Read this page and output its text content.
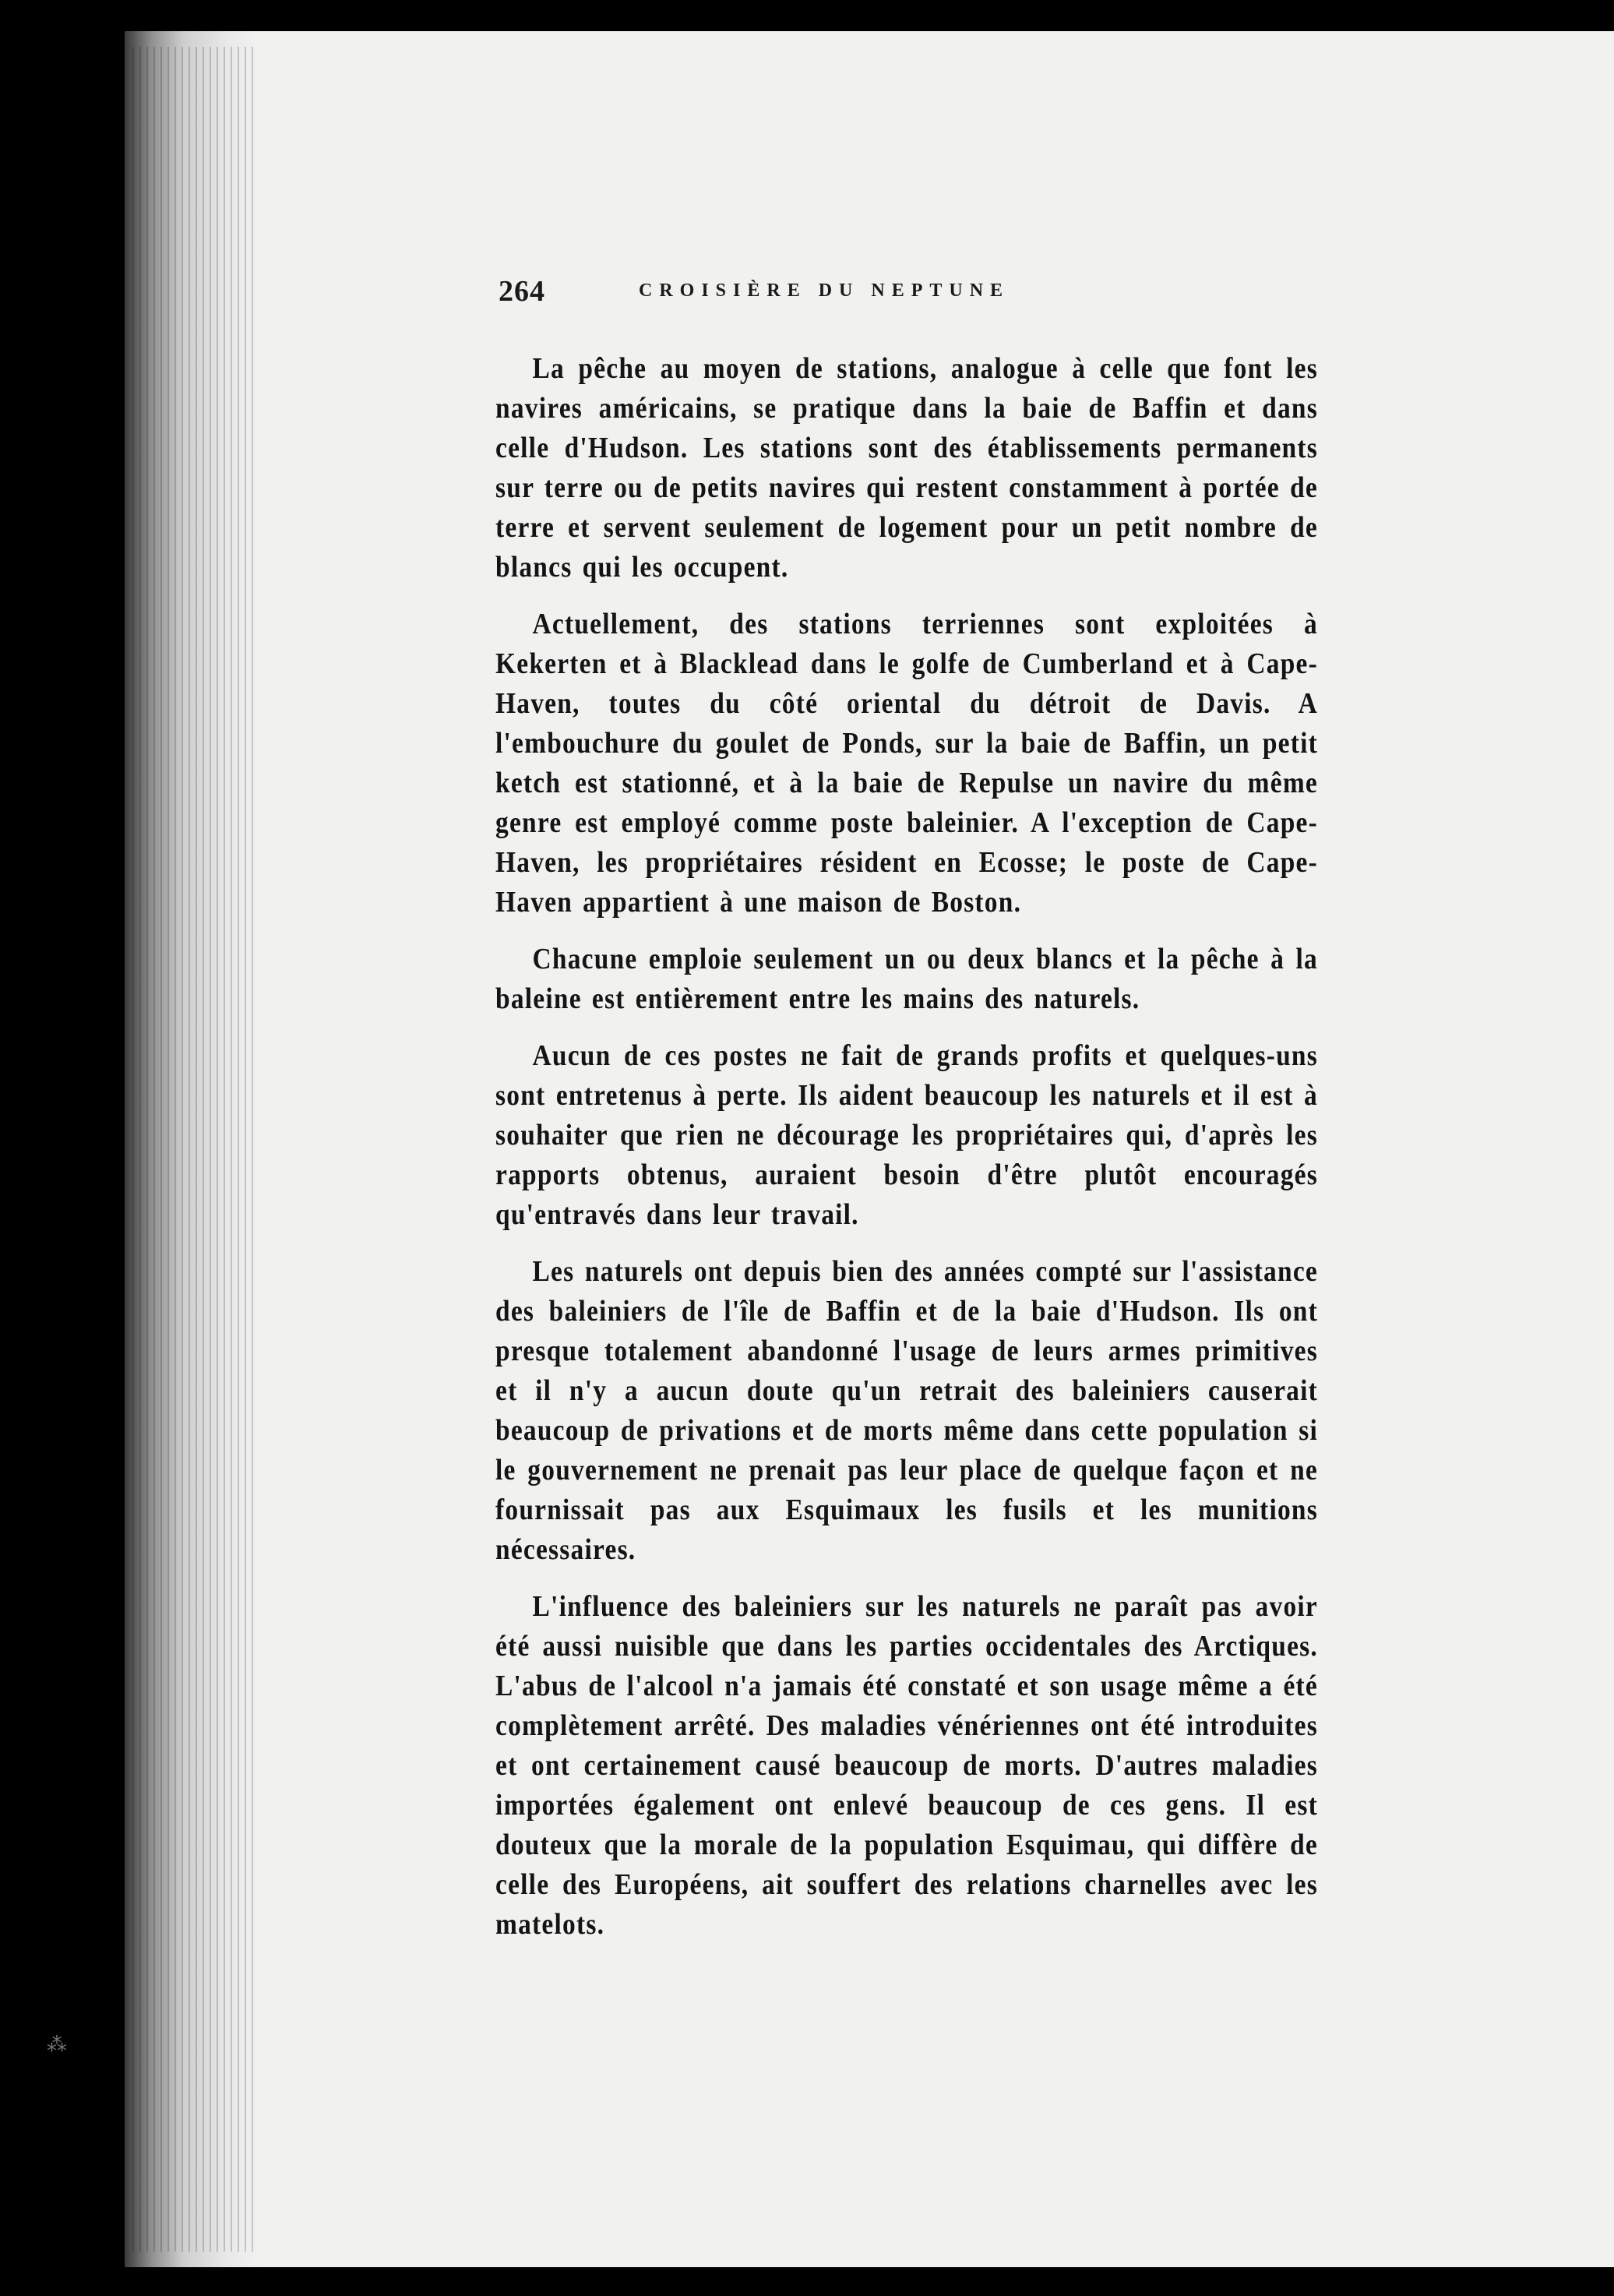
264	CROISIÈRE DU NEPTUNE

La pêche au moyen de stations, analogue à celle que font les navires américains, se pratique dans la baie de Baffin et dans celle d'Hudson. Les stations sont des établissements permanents sur terre ou de petits navires qui restent constamment à portée de terre et servent seulement de logement pour un petit nombre de blancs qui les occupent.

Actuellement, des stations terriennes sont exploitées à Kekerten et à Blacklead dans le golfe de Cumberland et à Cape-Haven, toutes du côté oriental du détroit de Davis. A l'embouchure du goulet de Ponds, sur la baie de Baffin, un petit ketch est stationné, et à la baie de Repulse un navire du même genre est employé comme poste baleinier. A l'exception de Cape-Haven, les propriétaires résident en Ecosse; le poste de Cape-Haven appartient à une maison de Boston.

Chacune emploie seulement un ou deux blancs et la pêche à la baleine est entièrement entre les mains des naturels.

Aucun de ces postes ne fait de grands profits et quelques-uns sont entretenus à perte. Ils aident beaucoup les naturels et il est à souhaiter que rien ne décourage les propriétaires qui, d'après les rapports obtenus, auraient besoin d'être plutôt encouragés qu'entravés dans leur travail.

Les naturels ont depuis bien des années compté sur l'assistance des baleiniers de l'île de Baffin et de la baie d'Hudson. Ils ont presque totalement abandonné l'usage de leurs armes primitives et il n'y a aucun doute qu'un retrait des baleiniers causerait beaucoup de privations et de morts même dans cette population si le gouvernement ne prenait pas leur place de quelque façon et ne fournissait pas aux Esquimaux les fusils et les munitions nécessaires.

L'influence des baleiniers sur les naturels ne paraît pas avoir été aussi nuisible que dans les parties occidentales des Arctiques. L'abus de l'alcool n'a jamais été constaté et son usage même a été complètement arrêté. Des maladies vénériennes ont été introduites et ont certainement causé beaucoup de morts. D'autres maladies importées également ont enlevé beaucoup de ces gens. Il est douteux que la morale de la population Esquimau, qui diffère de celle des Européens, ait souffert des relations charnelles avec les matelots.

⁂
